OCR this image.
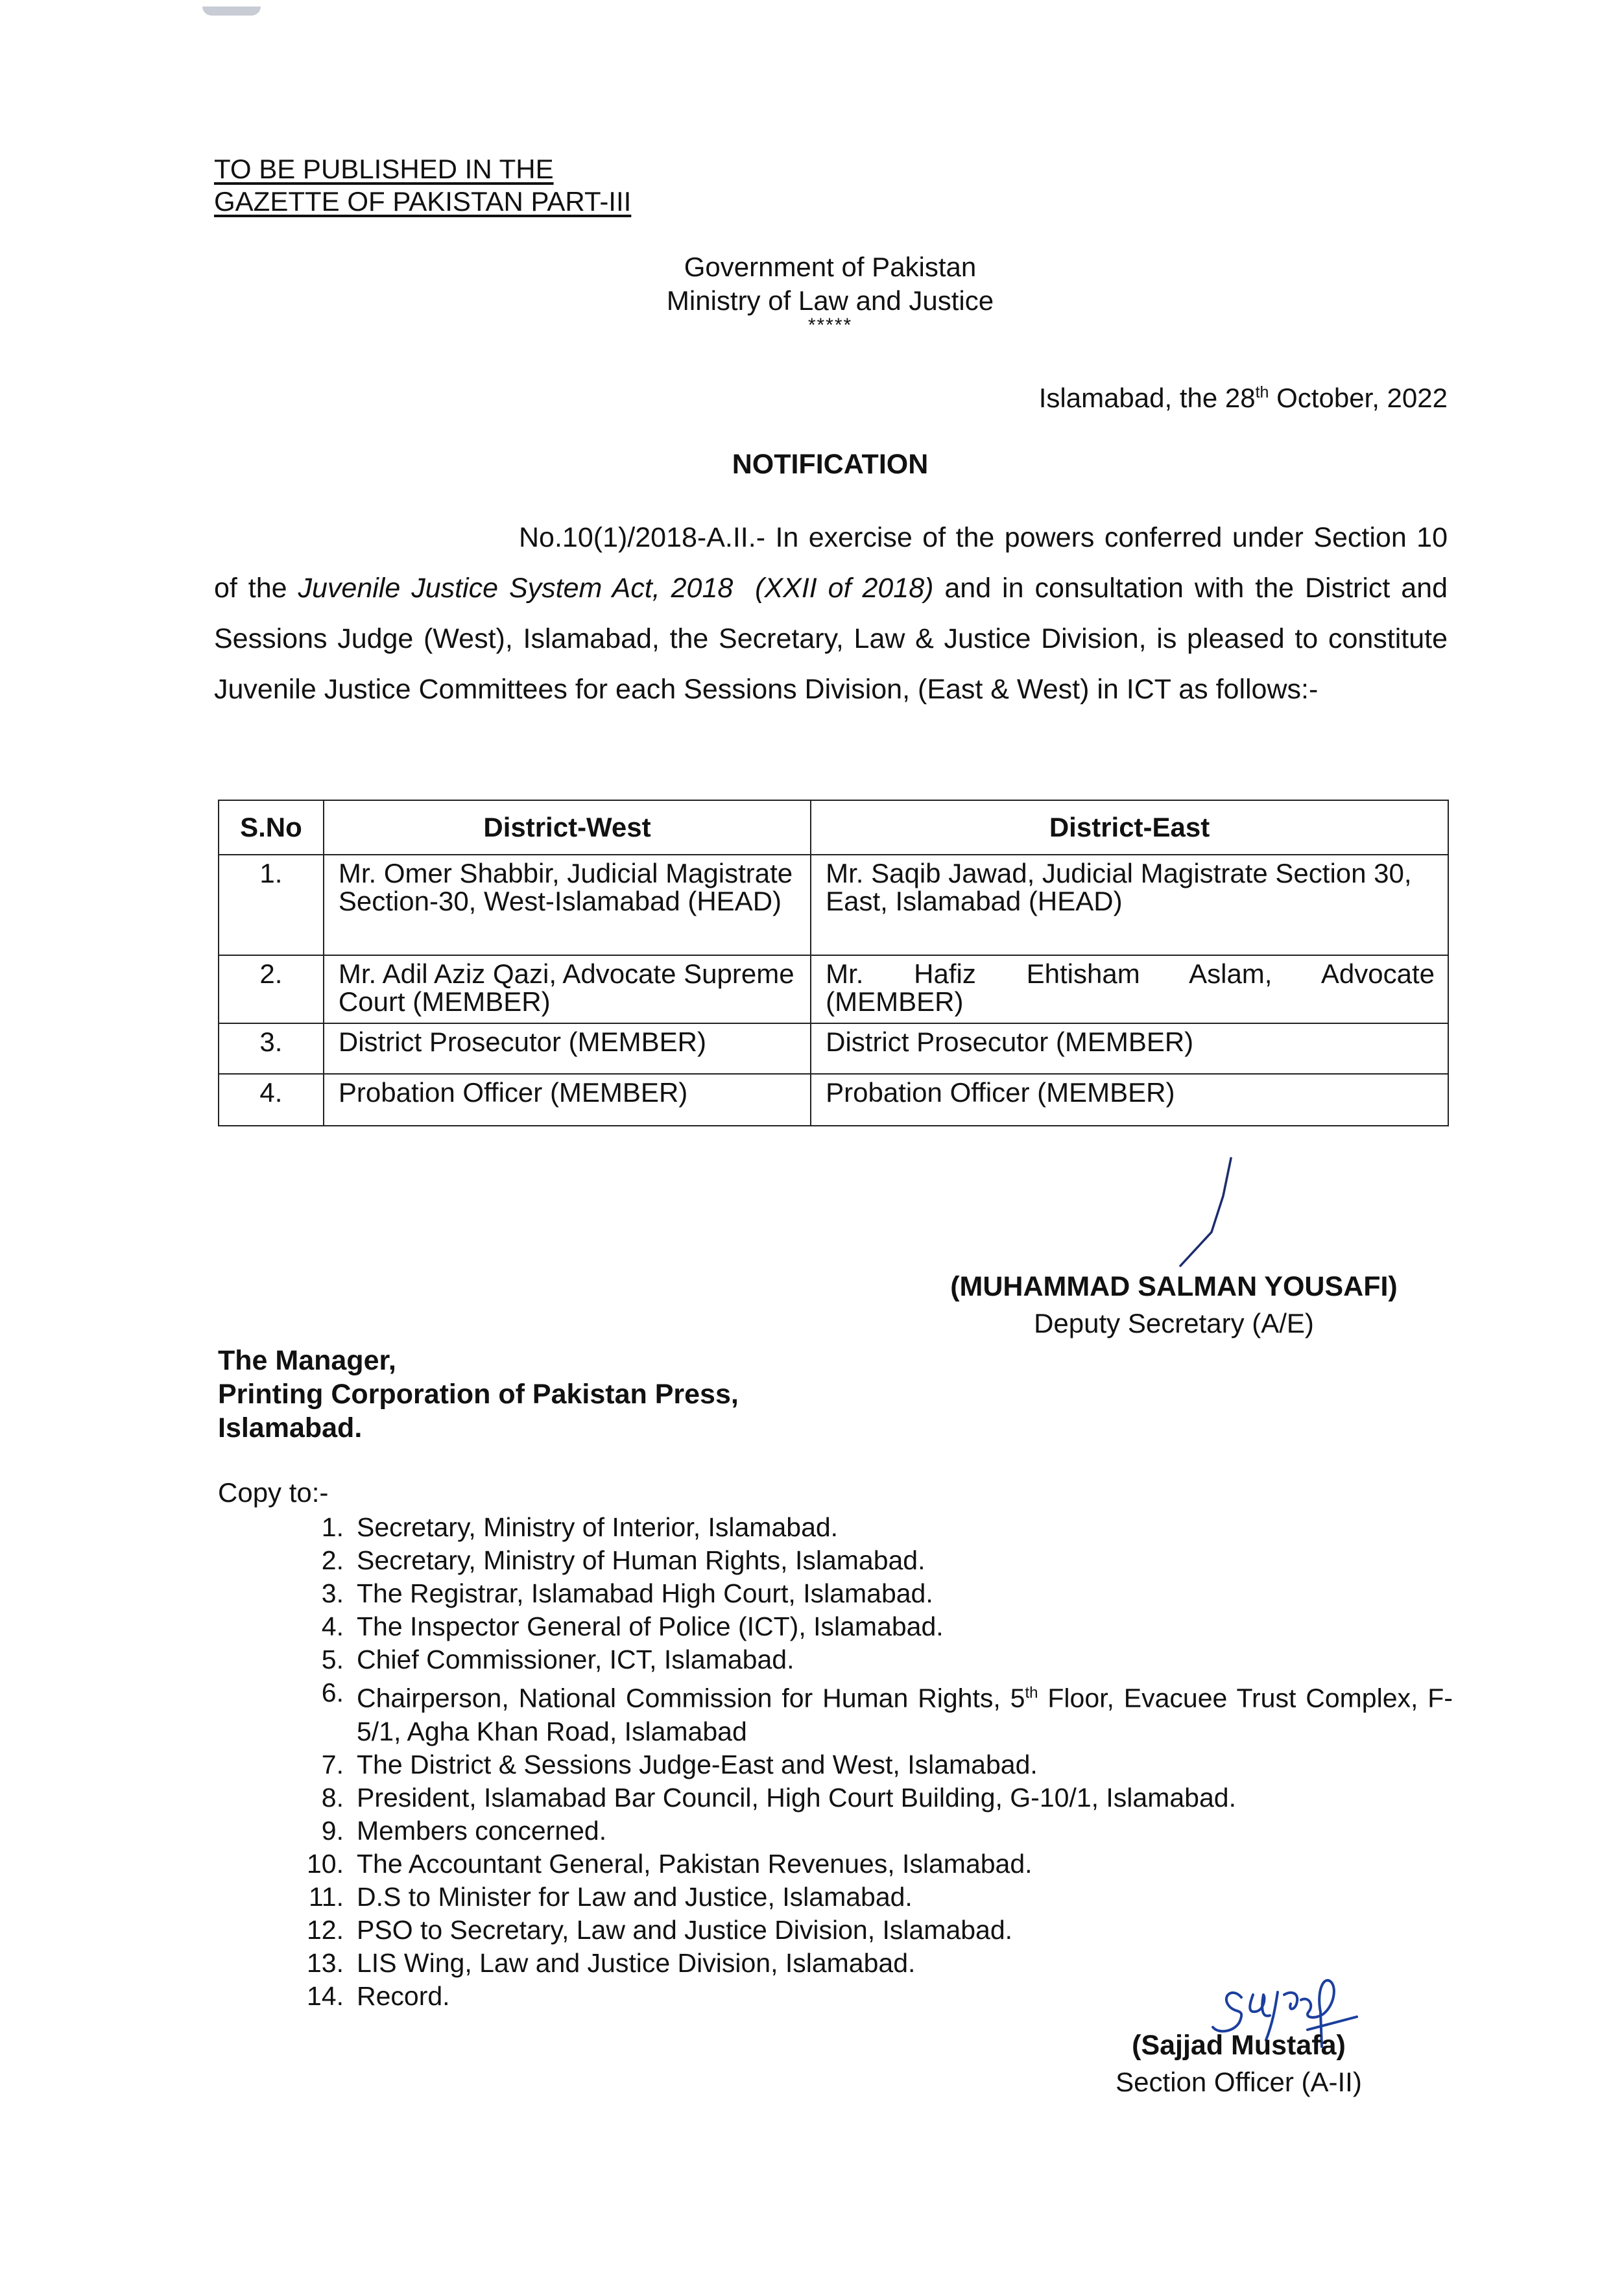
TO BE PUBLISHED IN THE
GAZETTE OF PAKISTAN PART-III
Government of Pakistan
Ministry of Law and Justice
*****
Islamabad, the 28th October, 2022
NOTIFICATION
No.10(1)/2018-A.II.- In exercise of the powers conferred under Section 10 of the Juvenile Justice System Act, 2018 (XXII of 2018) and in consultation with the District and Sessions Judge (West), Islamabad, the Secretary, Law & Justice Division, is pleased to constitute Juvenile Justice Committees for each Sessions Division, (East & West) in ICT as follows:-
S.No	District-West	District-East
1.	Mr. Omer Shabbir, Judicial Magistrate Section-30, West-Islamabad (HEAD)	Mr. Saqib Jawad, Judicial Magistrate Section 30, East, Islamabad (HEAD)
2.	Mr. Adil Aziz Qazi, Advocate Supreme Court (MEMBER)	Mr. Hafiz Ehtisham Aslam, Advocate
(MEMBER)

3.	District Prosecutor (MEMBER)	District Prosecutor (MEMBER)
4.	Probation Officer (MEMBER)	Probation Officer (MEMBER)
(MUHAMMAD SALMAN YOUSAFI)
Deputy Secretary (A/E)
The Manager,
Printing Corporation of Pakistan Press,
Islamabad.
Copy to:-
1. Secretary, Ministry of Interior, Islamabad.
2. Secretary, Ministry of Human Rights, Islamabad.
3. The Registrar, Islamabad High Court, Islamabad.
4. The Inspector General of Police (ICT), Islamabad.
5. Chief Commissioner, ICT, Islamabad.
6. Chairperson, National Commission for Human Rights, 5th Floor, Evacuee Trust Complex, F-5/1, Agha Khan Road, Islamabad
7. The District & Sessions Judge-East and West, Islamabad.
8. President, Islamabad Bar Council, High Court Building, G-10/1, Islamabad.
9. Members concerned.
10. The Accountant General, Pakistan Revenues, Islamabad.
11. D.S to Minister for Law and Justice, Islamabad.
12. PSO to Secretary, Law and Justice Division, Islamabad.
13. LIS Wing, Law and Justice Division, Islamabad.
14. Record.
(Sajjad Mustafa)
Section Officer (A-II)
